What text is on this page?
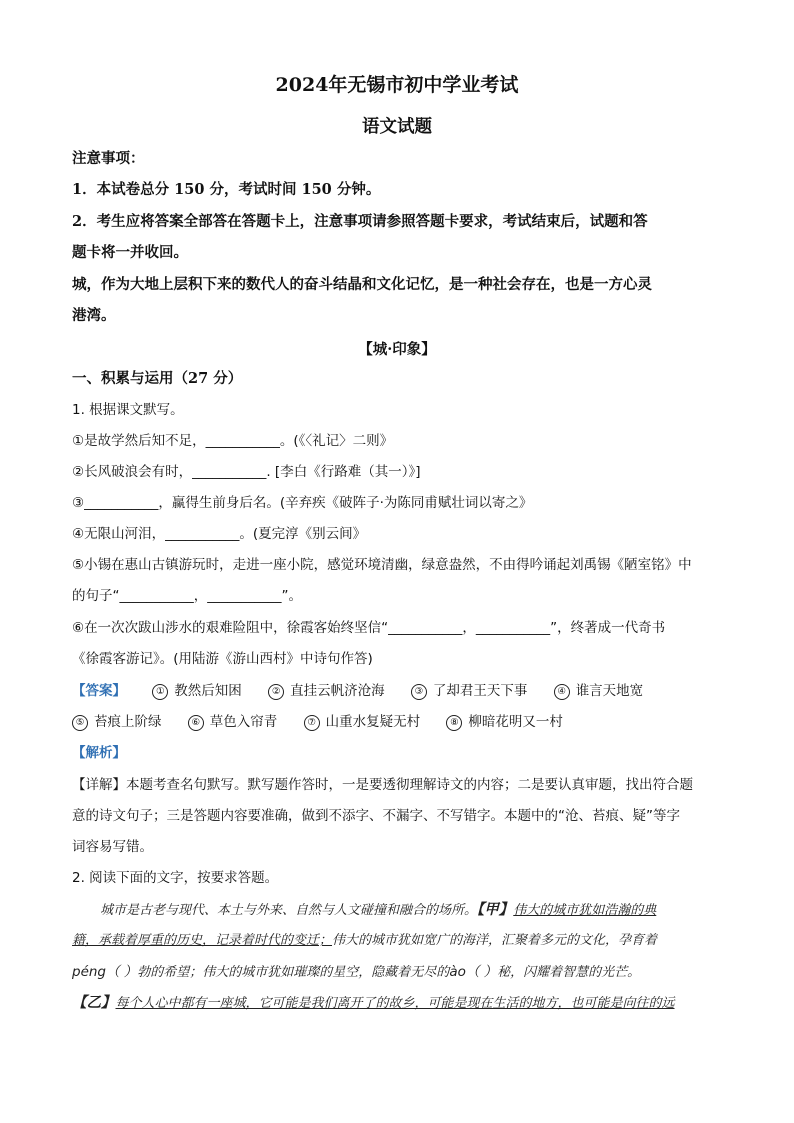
2024年无锡市初中学业考试
语文试题
注意事项：
1．本试卷总分 150 分，考试时间 150 分钟。
2．考生应将答案全部答在答题卡上，注意事项请参照答题卡要求，考试结束后，试题和答
题卡将一并收回。
城，作为大地上层积下来的数代人的奋斗结晶和文化记忆，是一种社会存在，也是一方心灵
港湾。
【城·印象】
一、积累与运用（27 分）
1. 根据课文默写。
①是故学然后知不足，___________。(《〈礼记〉二则》
②长风破浪会有时，___________. [李白《行路难（其一）》]
③___________，赢得生前身后名。(辛弃疾《破阵子·为陈同甫赋壮词以寄之》
④无限山河泪，___________。(夏完淳《别云间》
⑤小锡在惠山古镇游玩时，走进一座小院，感觉环境清幽，绿意盎然，不由得吟诵起刘禹锡《陋室铭》中
的句子“___________，___________”。
⑥在一次次跋山涉水的艰难险阻中，徐霞客始终坚信“___________，___________”，终著成一代奇书
《徐霞客游记》。(用陆游《游山西村》中诗句作答)
【答案】	① 教然后知困	② 直挂云帆济沧海	③ 了却君王天下事	④ 谁言天地宽
⑤ 苔痕上阶绿	⑥ 草色入帘青	⑦ 山重水复疑无村	⑧ 柳暗花明又一村
【解析】
【详解】本题考查名句默写。默写题作答时，一是要透彻理解诗文的内容；二是要认真审题，找出符合题
意的诗文句子；三是答题内容要准确，做到不添字、不漏字、不写错字。本题中的“沧、苔痕、疑”等字
词容易写错。
2. 阅读下面的文字，按要求答题。
城市是古老与现代、本土与外来、自然与人文碰撞和融合的场所。【甲】伟大的城市犹如浩瀚的典
籍，承载着厚重的历史，记录着时代的变迁；伟大的城市犹如宽广的海洋，汇聚着多元的文化，孕育着
péng（ ）勃的希望；伟大的城市犹如璀璨的星空，隐藏着无尽的ào（ ）秘，闪耀着智慧的光芒。
【乙】每个人心中都有一座城，它可能是我们离开了的故乡，可能是现在生活的地方，也可能是向往的远
